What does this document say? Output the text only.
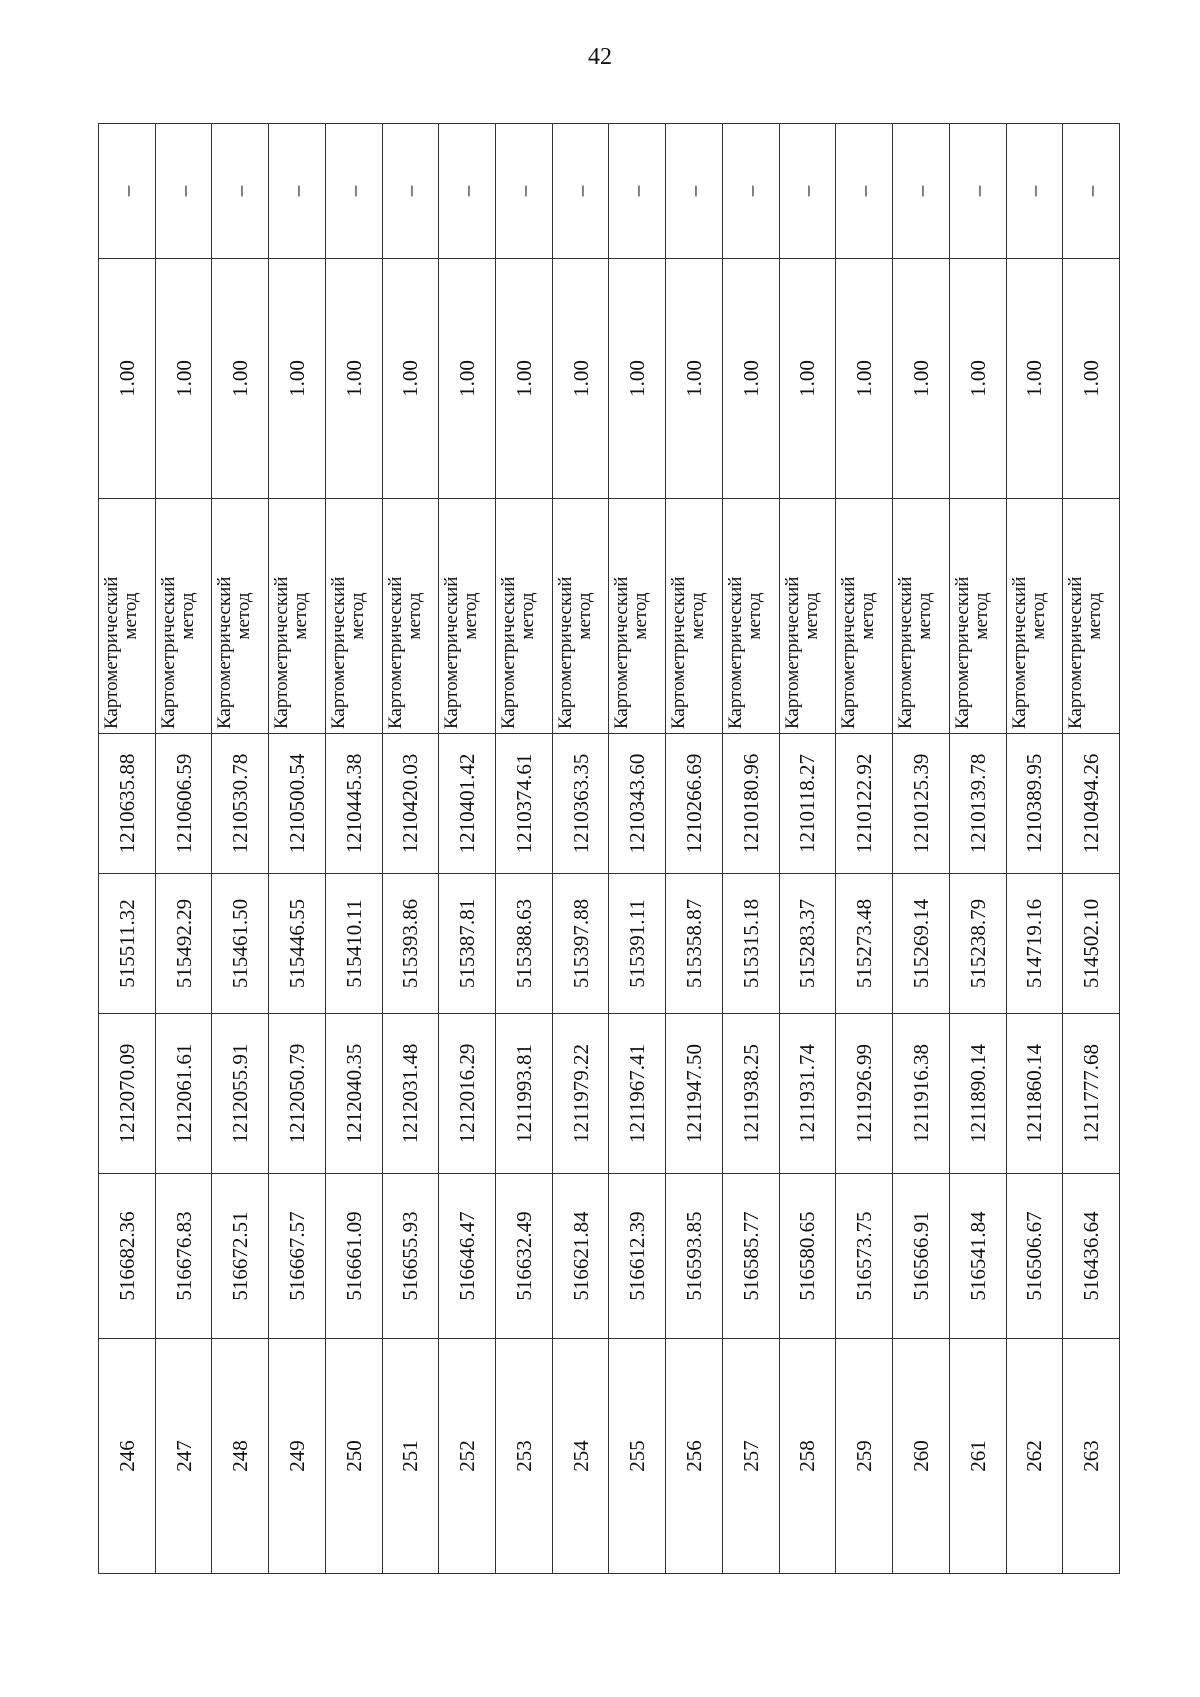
42
246	516682.36	1212070.09	515511.32	1210635.88	Картометрический
метод	1.00	–
247	516676.83	1212061.61	515492.29	1210606.59	Картометрический
метод	1.00	–
248	516672.51	1212055.91	515461.50	1210530.78	Картометрический
метод	1.00	–
249	516667.57	1212050.79	515446.55	1210500.54	Картометрический
метод	1.00	–
250	516661.09	1212040.35	515410.11	1210445.38	Картометрический
метод	1.00	–
251	516655.93	1212031.48	515393.86	1210420.03	Картометрический
метод	1.00	–
252	516646.47	1212016.29	515387.81	1210401.42	Картометрический
метод	1.00	–
253	516632.49	1211993.81	515388.63	1210374.61	Картометрический
метод	1.00	–
254	516621.84	1211979.22	515397.88	1210363.35	Картометрический
метод	1.00	–
255	516612.39	1211967.41	515391.11	1210343.60	Картометрический
метод	1.00	–
256	516593.85	1211947.50	515358.87	1210266.69	Картометрический
метод	1.00	–
257	516585.77	1211938.25	515315.18	1210180.96	Картометрический
метод	1.00	–
258	516580.65	1211931.74	515283.37	1210118.27	Картометрический
метод	1.00	–
259	516573.75	1211926.99	515273.48	1210122.92	Картометрический
метод	1.00	–
260	516566.91	1211916.38	515269.14	1210125.39	Картометрический
метод	1.00	–
261	516541.84	1211890.14	515238.79	1210139.78	Картометрический
метод	1.00	–
262	516506.67	1211860.14	514719.16	1210389.95	Картометрический
метод	1.00	–
263	516436.64	1211777.68	514502.10	1210494.26	Картометрический
метод	1.00	–
